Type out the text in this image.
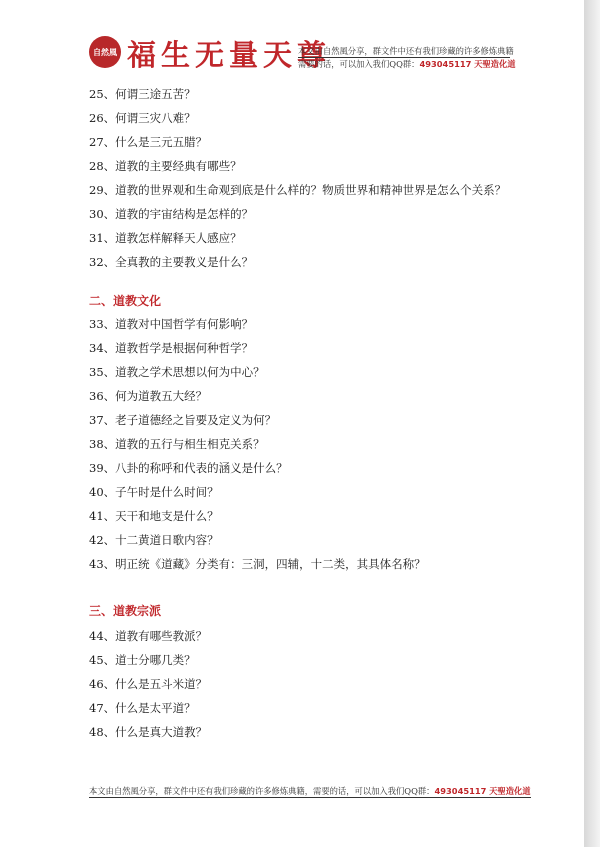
自然風 福生无量天尊
本文由自然風分享，群文件中还有我们珍藏的许多修炼典籍
需要的话，可以加入我们QQ群：493045117 天聖造化道
25、何谓三途五苦？
26、何谓三灾八难？
27、什么是三元五腊？
28、道教的主要经典有哪些？
29、道教的世界观和生命观到底是什么样的？物质世界和精神世界是怎么个关系？
30、道教的宇宙结构是怎样的？
31、道教怎样解释天人感应？
32、全真教的主要教义是什么？
二、道教文化
33、道教对中国哲学有何影响？
34、道教哲学是根据何种哲学？
35、道教之学术思想以何为中心？
36、何为道教五大经？
37、老子道德经之旨要及定义为何？
38、道教的五行与相生相克关系？
39、八卦的称呼和代表的涵义是什么？
40、子午时是什么时间？
41、天干和地支是什么？
42、十二黄道日歌内容？
43、明正统《道藏》分类有：三洞，四辅，十二类，其具体名称？
三、道教宗派
44、道教有哪些教派？
45、道士分哪几类？
46、什么是五斗米道？
47、什么是太平道？
48、什么是真大道教？
本文由自然風分享，群文件中还有我们珍藏的许多修炼典籍，需要的话，可以加入我们QQ群：493045117 天聖造化道
